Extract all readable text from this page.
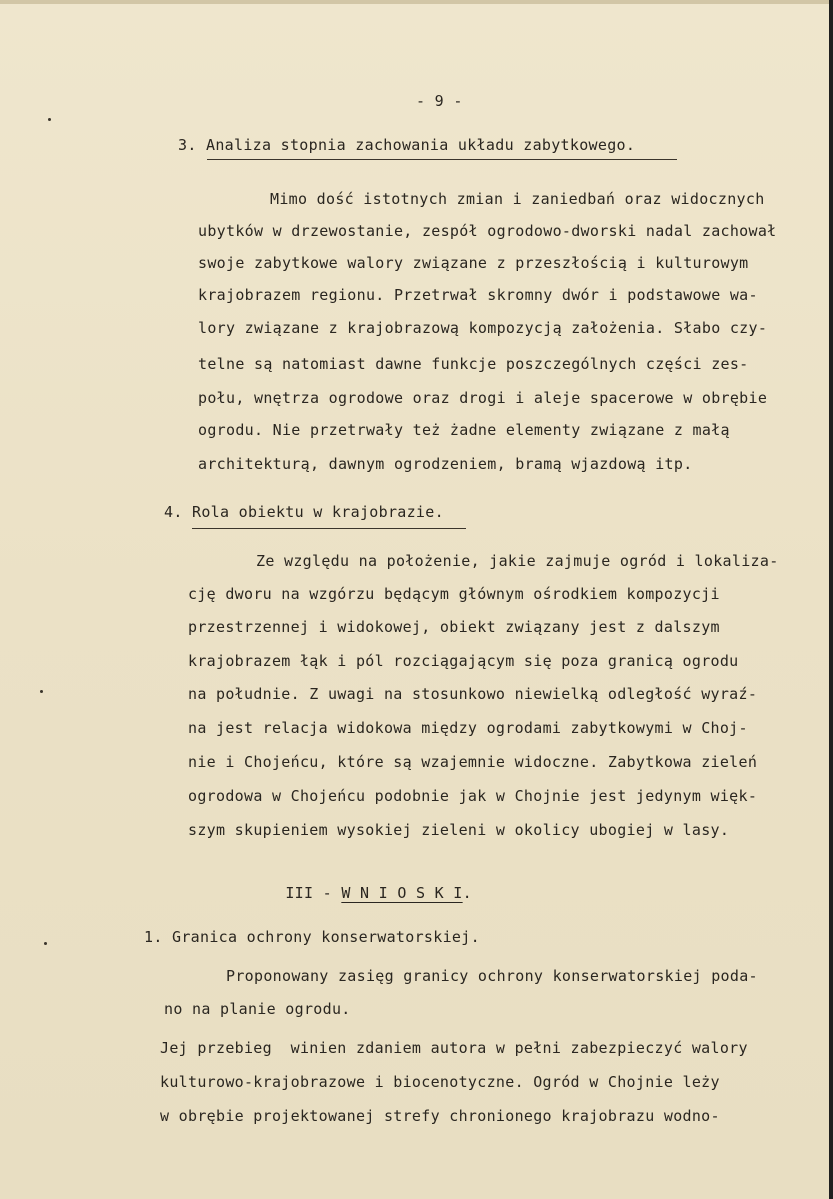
- 9 -
3. Analiza stopnia zachowania układu zabytkowego.
Mimo dość istotnych zmian i zaniedbań oraz widocznych
ubytków w drzewostanie, zespół ogrodowo-dworski nadal zachował
swoje zabytkowe walory związane z przeszłością i kulturowym
krajobrazem regionu. Przetrwał skromny dwór i podstawowe wa-
lory związane z krajobrazową kompozycją założenia. Słabo czy-
telne są natomiast dawne funkcje poszczególnych części zes-
połu, wnętrza ogrodowe oraz drogi i aleje spacerowe w obrębie
ogrodu. Nie przetrwały też żadne elementy związane z małą
architekturą, dawnym ogrodzeniem, bramą wjazdową itp.
4. Rola obiektu w krajobrazie.
Ze względu na położenie, jakie zajmuje ogród i lokaliza-
cję dworu na wzgórzu będącym głównym ośrodkiem kompozycji
przestrzennej i widokowej, obiekt związany jest z dalszym
krajobrazem łąk i pól rozciągającym się poza granicą ogrodu
na południe. Z uwagi na stosunkowo niewielką odległość wyraź-
na jest relacja widokowa między ogrodami zabytkowymi w Choj-
nie i Chojeńcu, które są wzajemnie widoczne. Zabytkowa zieleń
ogrodowa w Chojeńcu podobnie jak w Chojnie jest jedynym więk-
szym skupieniem wysokiej zieleni w okolicy ubogiej w lasy.

III - W N I O S K I.

1. Granica ochrony konserwatorskiej.
Proponowany zasięg granicy ochrony konserwatorskiej poda-
no na planie ogrodu.
Jej przebieg  winien zdaniem autora w pełni zabezpieczyć walory
kulturowo-krajobrazowe i biocenotyczne. Ogród w Chojnie leży
w obrębie projektowanej strefy chronionego krajobrazu wodno-
